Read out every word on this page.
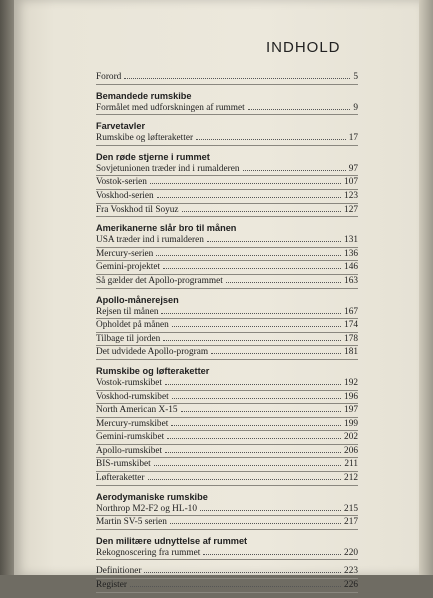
INDHOLD
Forord	5
Bemandede rumskibe
Formålet med udforskningen af rummet	9
Farvetavler
Rumskibe og løfteraketter	17
Den røde stjerne i rummet
Sovjetunionen træder ind i rumalderen	97
Vostok-serien	107
Voskhod-serien	123
Fra Voskhod til Soyuz	127
Amerikanerne slår bro til månen
USA træder ind i rumalderen	131
Mercury-serien	136
Gemini-projektet	146
Så gælder det Apollo-programmet	163
Apollo-månerejsen
Rejsen til månen	167
Opholdet på månen	174
Tilbage til jorden	178
Det udvidede Apollo-program	181
Rumskibe og løfteraketter
Vostok-rumskibet	192
Voskhod-rumskibet	196
North American X-15	197
Mercury-rumskibet	199
Gemini-rumskibet	202
Apollo-rumskibet	206
BIS-rumskibet	211
Løfteraketter	212
Aerodymaniske rumskibe
Northrop M2-F2 og HL-10	215
Martin SV-5 serien	217
Den militære udnyttelse af rummet
Rekognoscering fra rummet	220
Definitioner	223
Register	226
